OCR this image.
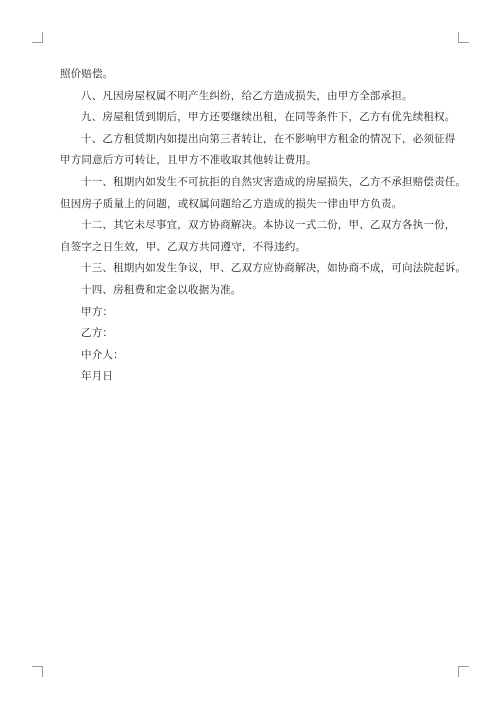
照价赔偿。

八、凡因房屋权属不明产生纠纷，给乙方造成损失，由甲方全部承担。

九、房屋租赁到期后，甲方还要继续出租，在同等条件下，乙方有优先续租权。

十、乙方租赁期内如提出向第三者转让，在不影响甲方租金的情况下，必须征得

甲方同意后方可转让，且甲方不准收取其他转让费用。

十一、租期内如发生不可抗拒的自然灾害造成的房屋损失，乙方不承担赔偿责任。

但因房子质量上的问题，或权属问题给乙方造成的损失一律由甲方负责。

十二、其它未尽事宜，双方协商解决。本协议一式二份，甲、乙双方各执一份，

自签字之日生效，甲、乙双方共同遵守，不得违约。

十三、租期内如发生争议，甲、乙双方应协商解决，如协商不成，可向法院起诉。

十四、房租费和定金以收据为准。

甲方：

乙方：

中介人：

年月日
